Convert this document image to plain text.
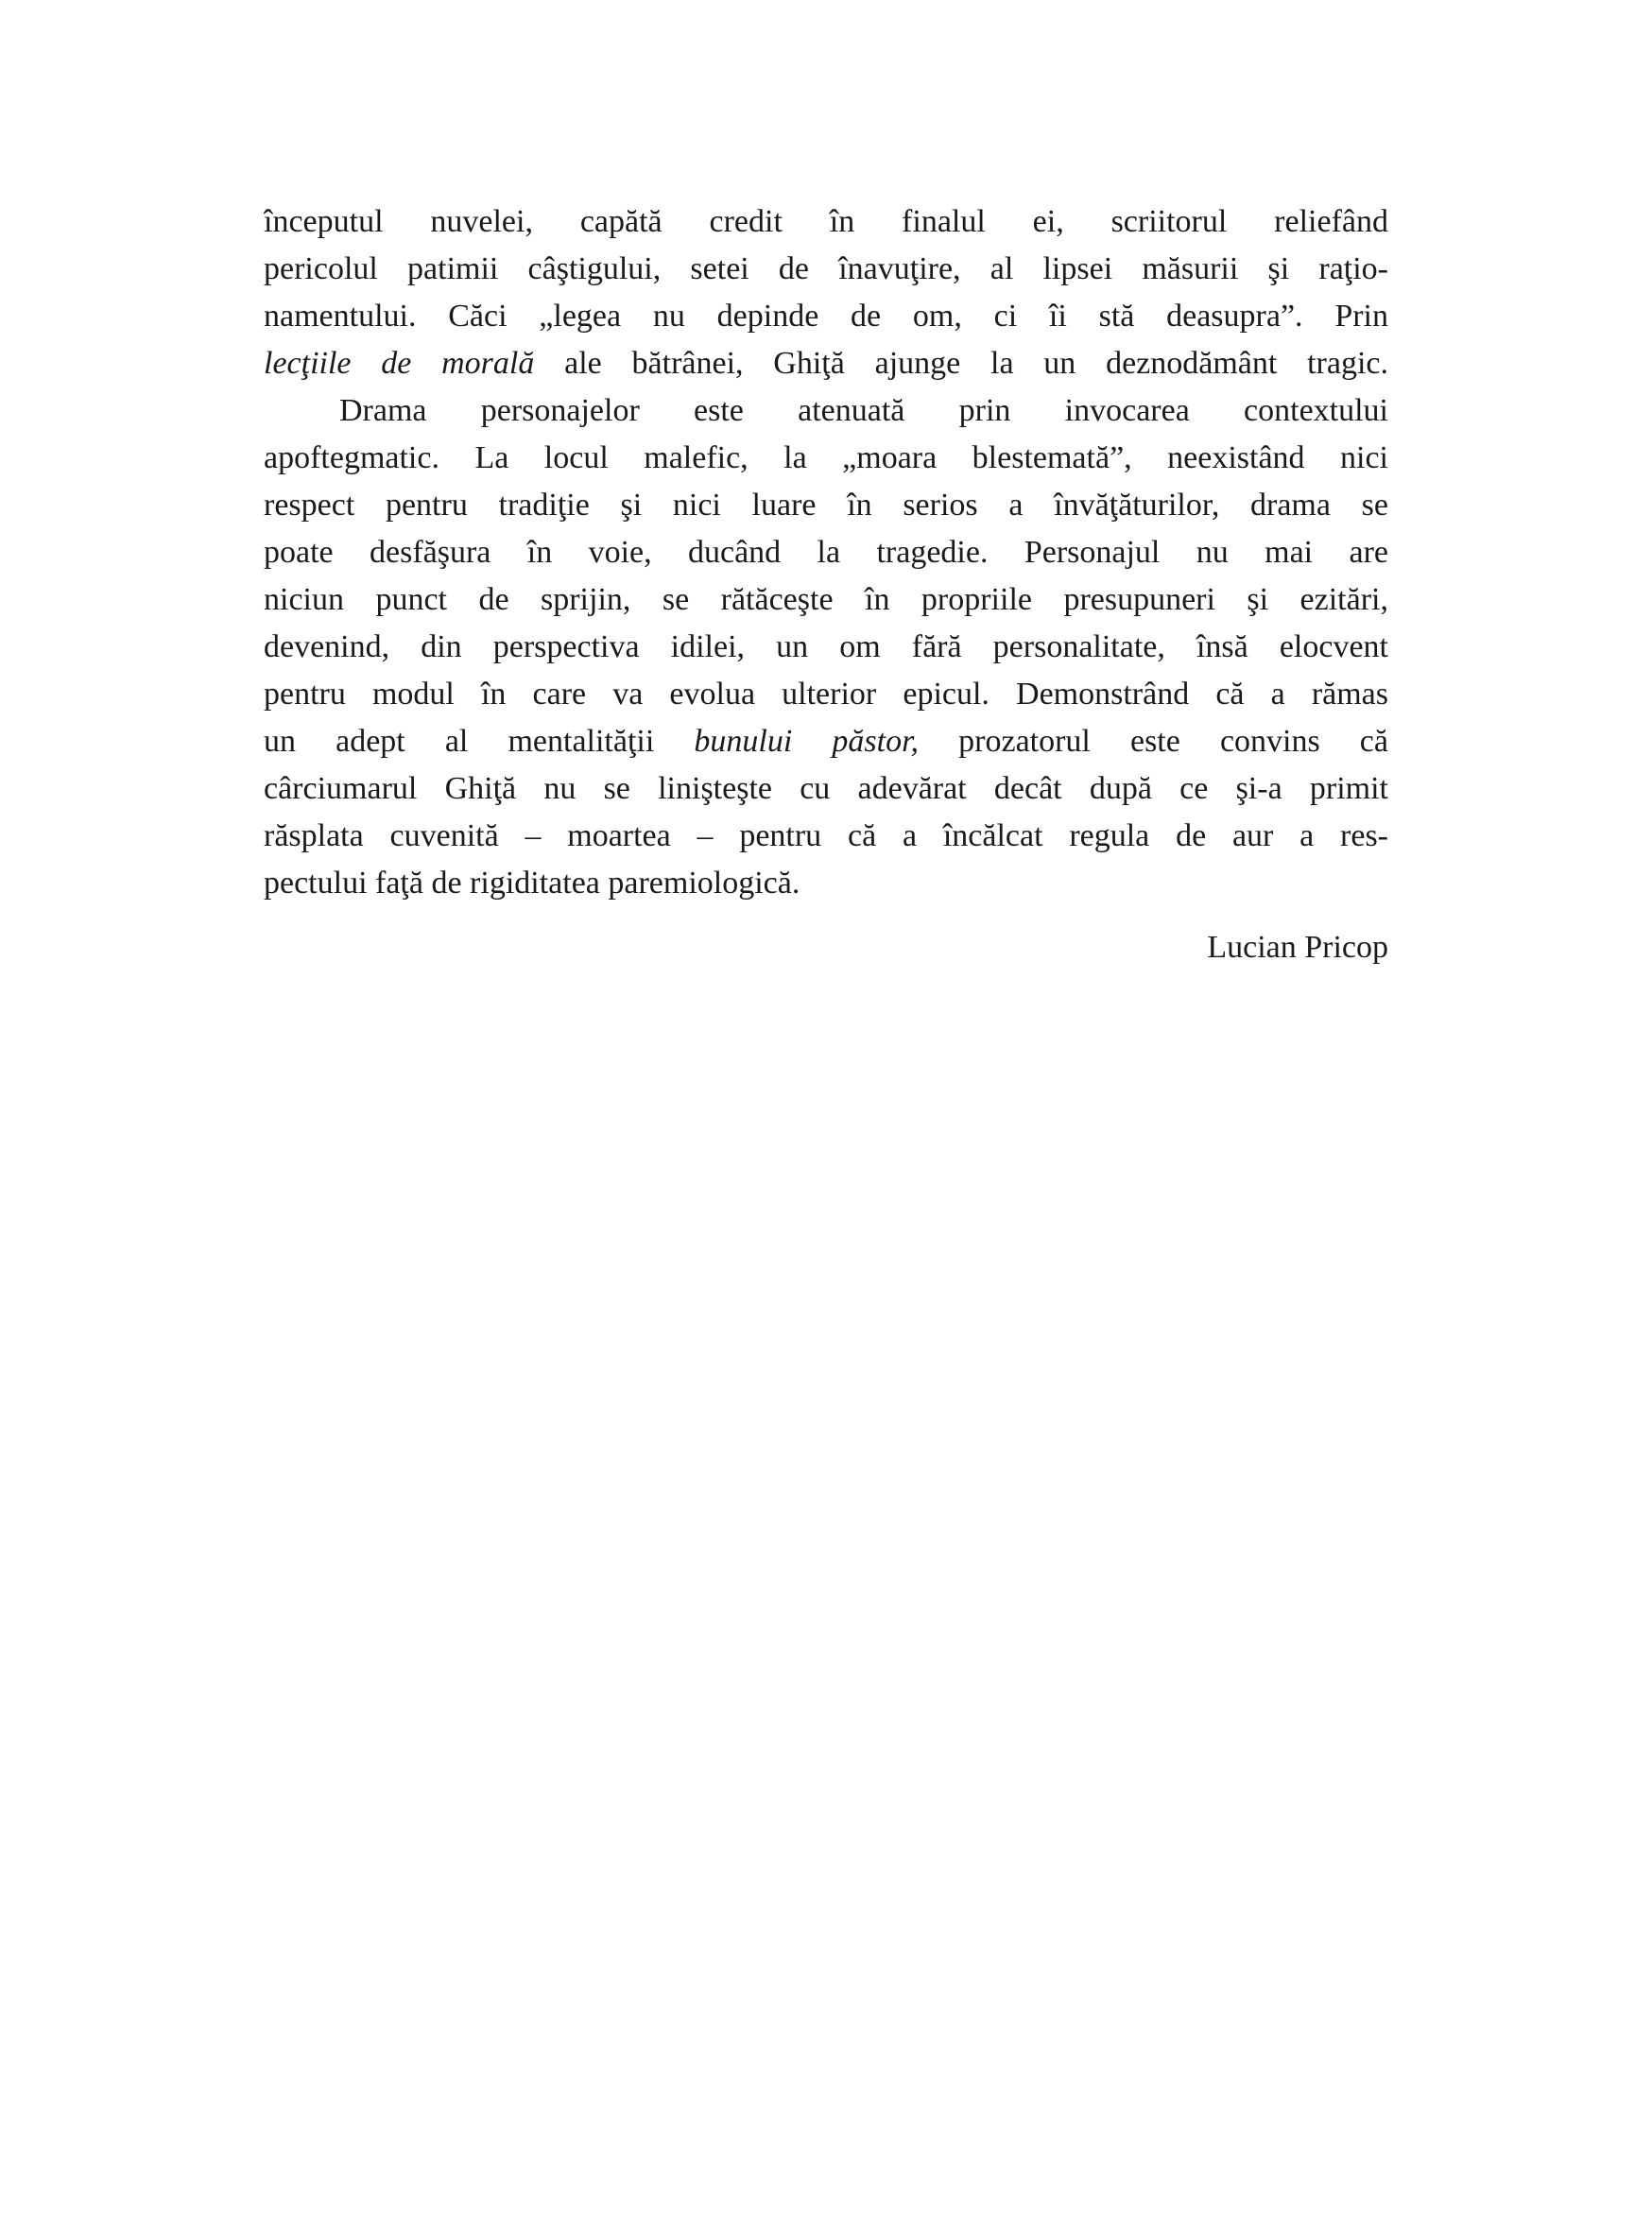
începutul nuvelei, capătă credit în finalul ei, scriitorul reliefând
pericolul patimii câştigului, setei de înavuţire, al lipsei măsurii şi raţio-
namentului. Căci „legea nu depinde de om, ci îi stă deasupra”. Prin
lecţiile de morală ale bătrânei, Ghiţă ajunge la un deznodământ tragic.
Drama personajelor este atenuată prin invocarea contextului
apoftegmatic. La locul malefic, la „moara blestemată”, neexistând nici
respect pentru tradiţie şi nici luare în serios a învăţăturilor, drama se
poate desfăşura în voie, ducând la tragedie. Personajul nu mai are
niciun punct de sprijin, se rătăceşte în propriile presupuneri şi ezitări,
devenind, din perspectiva idilei, un om fără personalitate, însă elocvent
pentru modul în care va evolua ulterior epicul. Demonstrând că a rămas
un adept al mentalităţii bunului păstor, prozatorul este convins că
cârciumarul Ghiţă nu se linişteşte cu adevărat decât după ce şi-a primit
răsplata cuvenită – moartea – pentru că a încălcat regula de aur a res-
pectului faţă de rigiditatea paremiologică.
Lucian Pricop
